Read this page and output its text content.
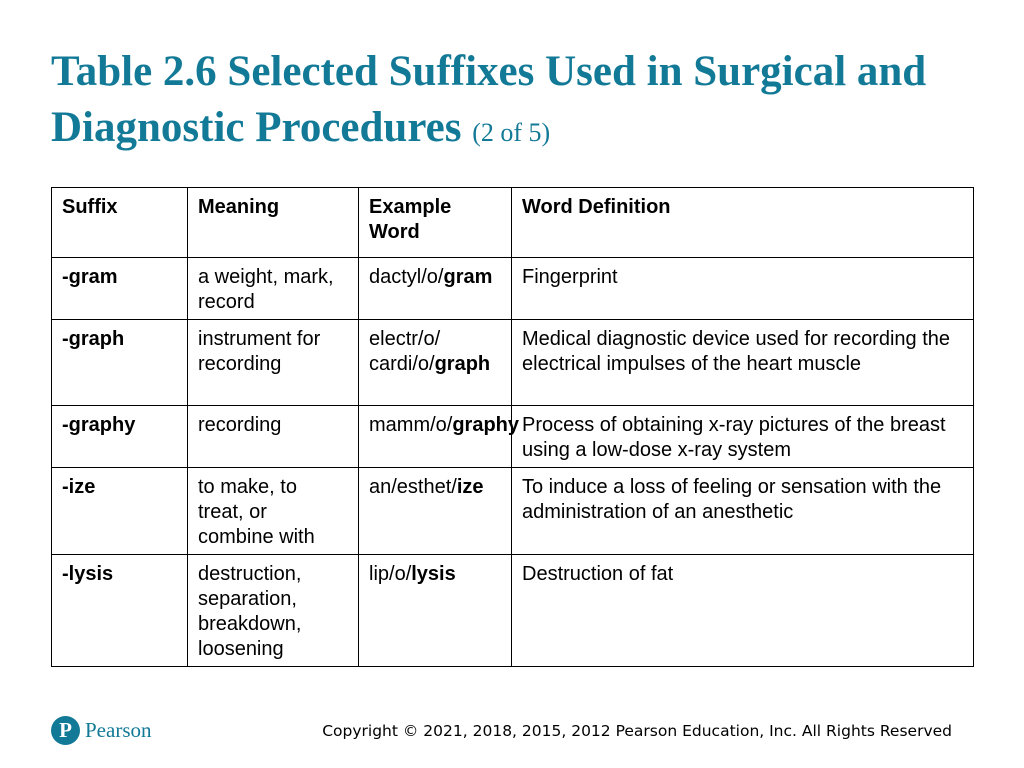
Table 2.6 Selected Suffixes Used in Surgical and Diagnostic Procedures (2 of 5)
Suffix	Meaning	Example Word	Word Definition
-gram	a weight, mark, record	dactyl/o/gram	Fingerprint
-graph	instrument for recording	electr/o/ cardi/o/graph	Medical diagnostic device used for recording the electrical impulses of the heart muscle
-graphy	recording	mamm/o/graphy	Process of obtaining x-ray pictures of the breast using a low-dose x-ray system
-ize	to make, to treat, or combine with	an/esthet/ize	To induce a loss of feeling or sensation with the administration of an anesthetic
-lysis	destruction, separation, breakdown, loosening	lip/o/lysis	Destruction of fat
P Pearson	Copyright © 2021, 2018, 2015, 2012 Pearson Education, Inc. All Rights Reserved
